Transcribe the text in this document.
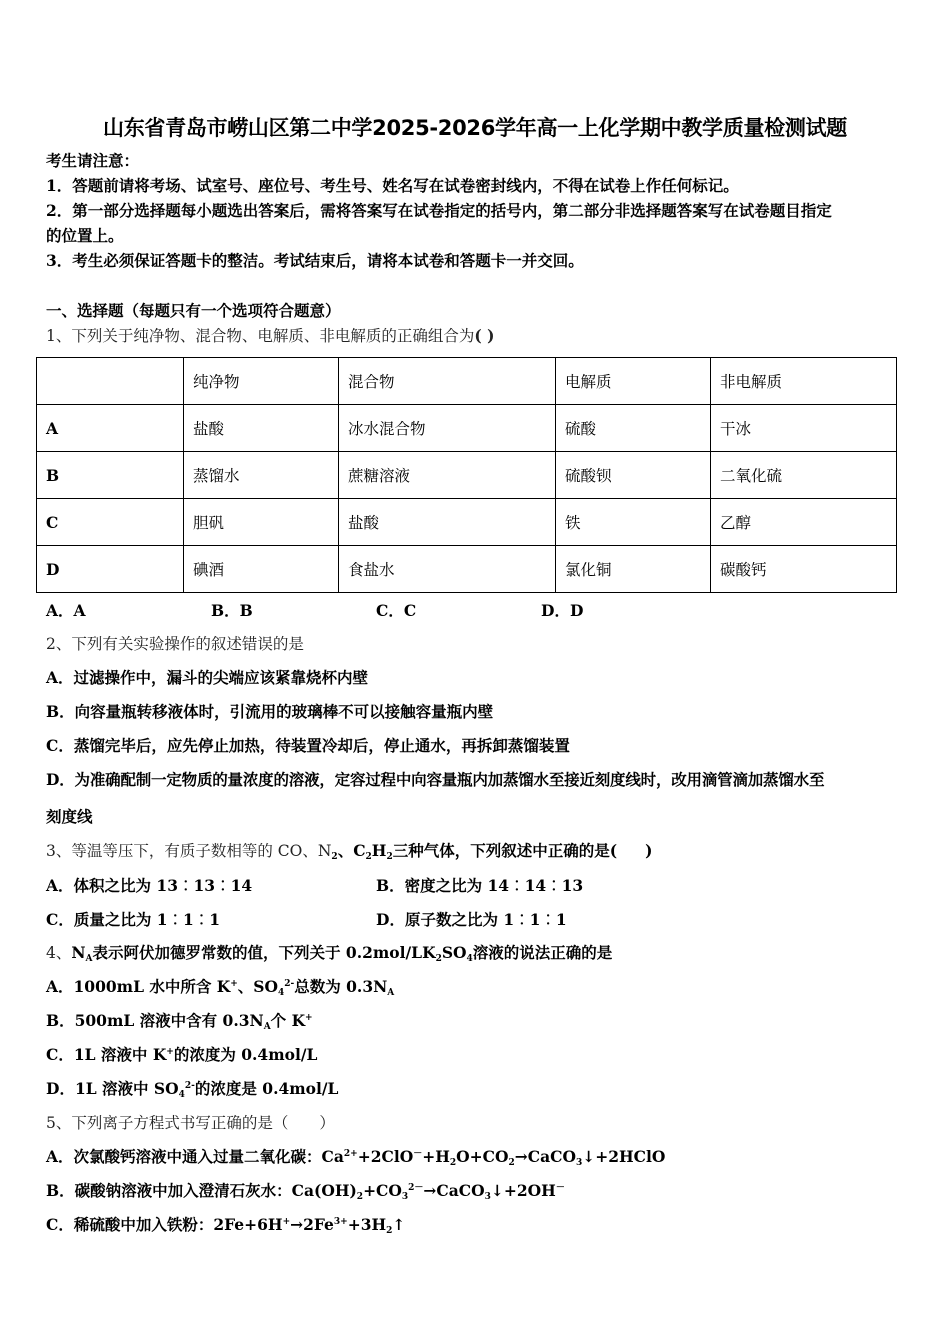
山东省青岛市崂山区第二中学2025-2026学年高一上化学期中教学质量检测试题
考生请注意：
1．答题前请将考场、试室号、座位号、考生号、姓名写在试卷密封线内，不得在试卷上作任何标记。
2．第一部分选择题每小题选出答案后，需将答案写在试卷指定的括号内，第二部分非选择题答案写在试卷题目指定
的位置上。
3．考生必须保证答题卡的整洁。考试结束后，请将本试卷和答题卡一并交回。
一、选择题（每题只有一个选项符合题意）
1、下列关于纯净物、混合物、电解质、非电解质的正确组合为( )
	纯净物	混合物	电解质	非电解质
A	盐酸	冰水混合物	硫酸	干冰
B	蒸馏水	蔗糖溶液	硫酸钡	二氧化硫
C	胆矾	盐酸	铁	乙醇
D	碘酒	食盐水	氯化铜	碳酸钙
A．A	B．B	C．C	D．D
2、下列有关实验操作的叙述错误的是
A．过滤操作中，漏斗的尖端应该紧靠烧杯内壁
B．向容量瓶转移液体时，引流用的玻璃棒不可以接触容量瓶内壁
C．蒸馏完毕后，应先停止加热，待装置冷却后，停止通水，再拆卸蒸馏装置
D．为准确配制一定物质的量浓度的溶液，定容过程中向容量瓶内加蒸馏水至接近刻度线时，改用滴管滴加蒸馏水至
刻度线
3、等温等压下，有质子数相等的 CO、$N_2$、$C_2H_2$三种气体，下列叙述中正确的是( )
A．体积之比为 13︰13︰14	B．密度之比为 14︰14︰13
C．质量之比为 1︰1︰1	D．原子数之比为 1︰1︰1
4、$N_A$表示阿伏加德罗常数的值，下列关于 $0.2mol/LK_2SO_4$溶液的说法正确的是
A．1000mL 水中所含 K+、$SO_4^{2-}$总数为 $0.3N_A$
B．500mL 溶液中含有 $0.3N_A$个 K+
C．1L 溶液中 K+的浓度为 0.4mol/L
D．1L 溶液中 $SO_4^{2-}$的浓度是 0.4mol/L
5、下列离子方程式书写正确的是（　　）
A．次氯酸钙溶液中通入过量二氧化碳：$Ca^{2+}+2ClO^-+H_2O+CO_2\to CaCO_3↓+2HClO$
B．碳酸钠溶液中加入澄清石灰水：$Ca(OH)_2+CO_3^{2-}\to CaCO_3↓+2OH^-$
C．稀硫酸中加入铁粉：$2Fe+6H^+\to 2Fe^{3+}+3H_2↑$
